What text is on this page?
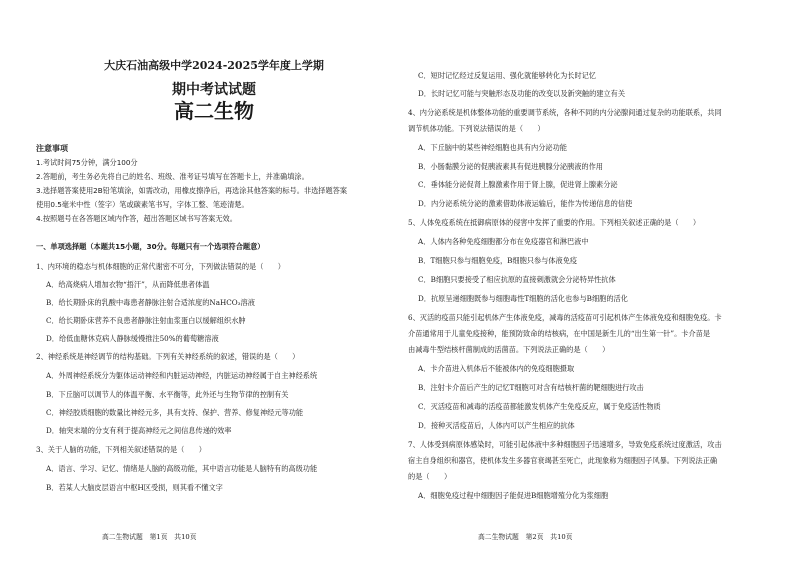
大庆石油高级中学2024-2025学年度上学期
期中考试试题
高二生物
注意事项
1.考试时间75分钟，满分100分
2.答题前，考生务必先将自己的姓名、班级、准考证号填写在答题卡上，并准确填涂。
3.选择题答案使用2B铅笔填涂，如需改动，用橡皮擦净后，再选涂其他答案的标号。非选择题答案
使用0.5毫米中性（签字）笔或碳素笔书写，字体工整、笔迹清楚。
4.按照题号在各答题区域内作答，超出答题区域书写答案无效。
一、单项选择题（本题共15小题，30分。每题只有一个选项符合题意）
1、内环境的稳态与机体细胞的正常代谢密不可分，下列做法错误的是（　　）
A．给高烧病人增加衣物“捂汗”，从而降低患者体温
B．给长期卧床的乳酸中毒患者静脉注射合适浓度的NaHCO₃溶液
C．给长期卧床营养不良患者静脉注射血浆蛋白以缓解组织水肿
D．给低血糖休克病人静脉缓慢推注50%的葡萄糖溶液
2、神经系统是神经调节的结构基础。下列有关神经系统的叙述，错误的是（　　）
A．外周神经系统分为躯体运动神经和内脏运动神经，内脏运动神经属于自主神经系统
B．下丘脑可以调节人的体温平衡、水平衡等，此外还与生物节律的控制有关
C．神经胶质细胞的数量比神经元多，具有支持、保护、营养、修复神经元等功能
D．轴突末端的分支有利于提高神经元之间信息传递的效率
3、关于人脑的功能，下列相关叙述错误的是（　　）
A．语言、学习、记忆、情绪是人脑的高级功能，其中语言功能是人脑特有的高级功能
B．若某人大脑皮层语言中枢H区受损，则其看不懂文字
高二生物试题　第1页　共10页
C．短时记忆经过反复运用、强化就能够转化为长时记忆
D．长时记忆可能与突触形态及功能的改变以及新突触的建立有关
4、内分泌系统是机体整体功能的重要调节系统，各种不同的内分泌腺间通过复杂的功能联系，共同
调节机体功能。下列说法错误的是（　　）
A．下丘脑中的某些神经细胞也具有内分泌功能
B．小肠黏膜分泌的促胰液素具有促进胰腺分泌胰液的作用
C．垂体能分泌促肾上腺激素作用于肾上腺，促进肾上腺素分泌
D．内分泌系统分泌的激素借助体液运输后，能作为传递信息的信使
5、人体免疫系统在抵御病原体的侵害中发挥了重要的作用。下列相关叙述正确的是（　　）
A．人体内各种免疫细胞都分布在免疫器官和淋巴液中
B．T细胞只参与细胞免疫，B细胞只参与体液免疫
C．B细胞只要接受了相应抗原的直接刺激就会分泌特异性抗体
D．抗原呈递细胞既参与细胞毒性T细胞的活化也参与B细胞的活化
6、灭活的疫苗只能引起机体产生体液免疫，减毒的活疫苗可引起机体产生体液免疫和细胞免疫。卡
介苗通常用于儿童免疫接种，能预防致命的结核病，在中国是新生儿的“出生第一针”。卡介苗是
由减毒牛型结核杆菌制成的活菌苗。下列说法正确的是（　　）
A．卡介苗进入机体后不能被体内的免疫细胞摄取
B．注射卡介苗后产生的记忆T细胞可对含有结核杆菌的靶细胞进行攻击
C．灭活疫苗和减毒的活疫苗都能激发机体产生免疫反应，属于免疫活性物质
D．接种灭活疫苗后，人体内可以产生相应的抗体
7、人体受到病原体感染时，可能引起体液中多种细胞因子迅速增多，导致免疫系统过度激活，攻击
宿主自身组织和器官，使机体发生多器官衰竭甚至死亡，此现象称为细胞因子风暴。下列说法正确
的是（　　）
A．细胞免疫过程中细胞因子能促进B细胞增殖分化为浆细胞
高二生物试题　第2页　共10页
